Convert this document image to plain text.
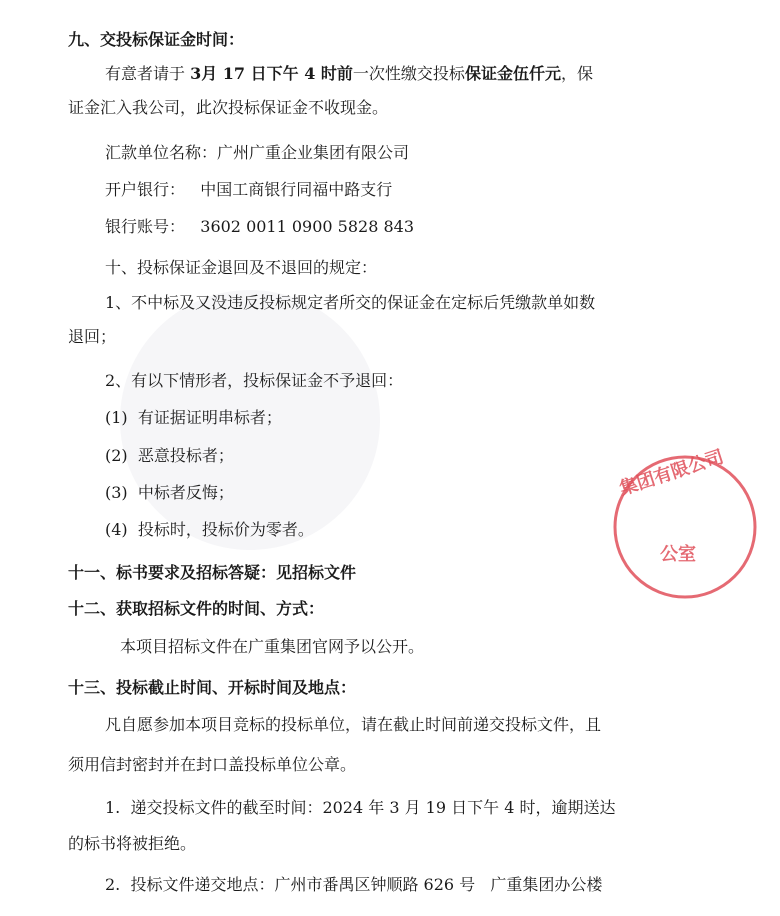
九、交投标保证金时间：
有意者请于 3月 17 日下午 4 时前一次性缴交投标保证金伍仟元，保
证金汇入我公司，此次投标保证金不收现金。
汇款单位名称：广州广重企业集团有限公司
开户银行：   中国工商银行同福中路支行
银行账号：   3602 0011 0900 5828 843
十、投标保证金退回及不退回的规定：
1、不中标及又没违反投标规定者所交的保证金在定标后凭缴款单如数
退回；
2、有以下情形者，投标保证金不予退回：
(1)  有证据证明串标者；
(2)  恶意投标者；
(3)  中标者反悔；
(4)  投标时，投标价为零者。
十一、标书要求及招标答疑：见招标文件
十二、获取招标文件的时间、方式：
本项目招标文件在广重集团官网予以公开。
十三、投标截止时间、开标时间及地点：
凡自愿参加本项目竞标的投标单位，请在截止时间前递交投标文件，且
须用信封密封并在封口盖投标单位公章。
1.  递交投标文件的截至时间：2024 年 3 月 19 日下午 4 时，逾期送达
的标书将被拒绝。
2.  投标文件递交地点：广州市番禺区钟顺路 626 号   广重集团办公楼
集团有限公司
公室
